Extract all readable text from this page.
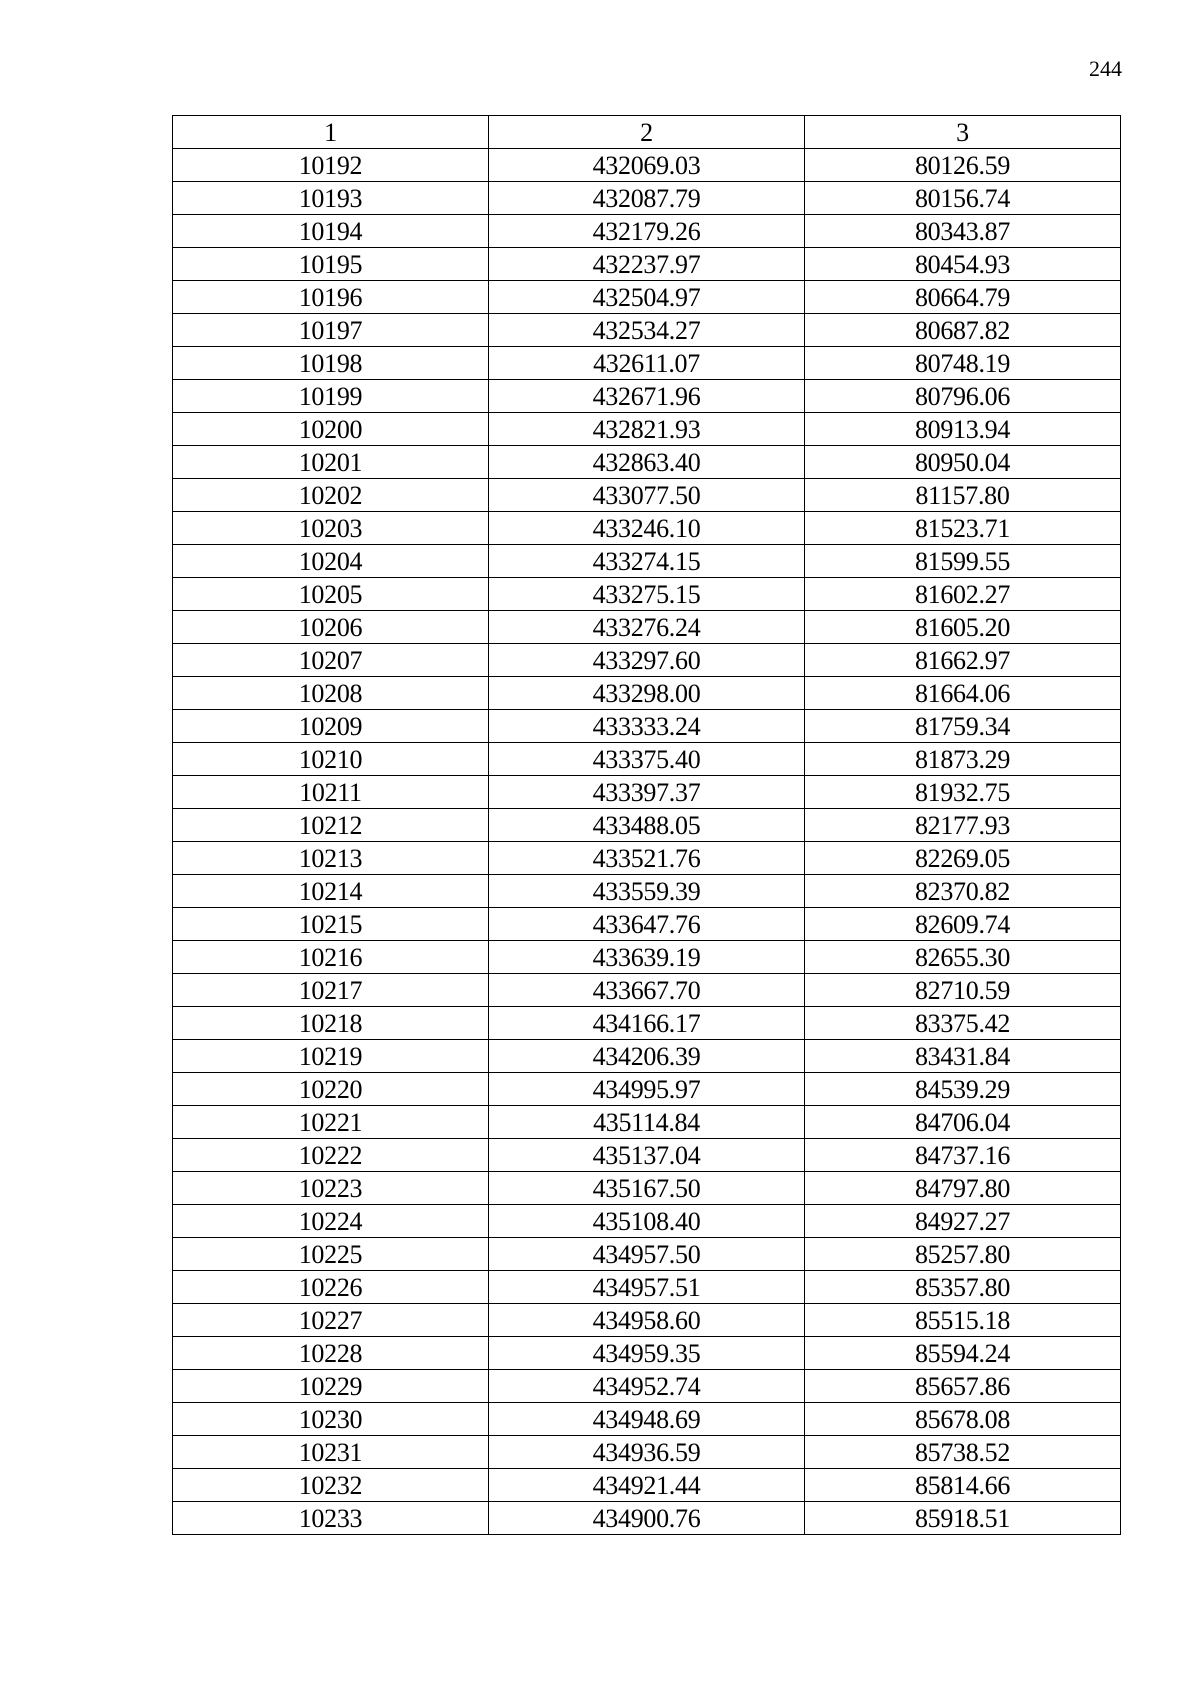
244
1	2	3
10192	432069.03	80126.59
10193	432087.79	80156.74
10194	432179.26	80343.87
10195	432237.97	80454.93
10196	432504.97	80664.79
10197	432534.27	80687.82
10198	432611.07	80748.19
10199	432671.96	80796.06
10200	432821.93	80913.94
10201	432863.40	80950.04
10202	433077.50	81157.80
10203	433246.10	81523.71
10204	433274.15	81599.55
10205	433275.15	81602.27
10206	433276.24	81605.20
10207	433297.60	81662.97
10208	433298.00	81664.06
10209	433333.24	81759.34
10210	433375.40	81873.29
10211	433397.37	81932.75
10212	433488.05	82177.93
10213	433521.76	82269.05
10214	433559.39	82370.82
10215	433647.76	82609.74
10216	433639.19	82655.30
10217	433667.70	82710.59
10218	434166.17	83375.42
10219	434206.39	83431.84
10220	434995.97	84539.29
10221	435114.84	84706.04
10222	435137.04	84737.16
10223	435167.50	84797.80
10224	435108.40	84927.27
10225	434957.50	85257.80
10226	434957.51	85357.80
10227	434958.60	85515.18
10228	434959.35	85594.24
10229	434952.74	85657.86
10230	434948.69	85678.08
10231	434936.59	85738.52
10232	434921.44	85814.66
10233	434900.76	85918.51
